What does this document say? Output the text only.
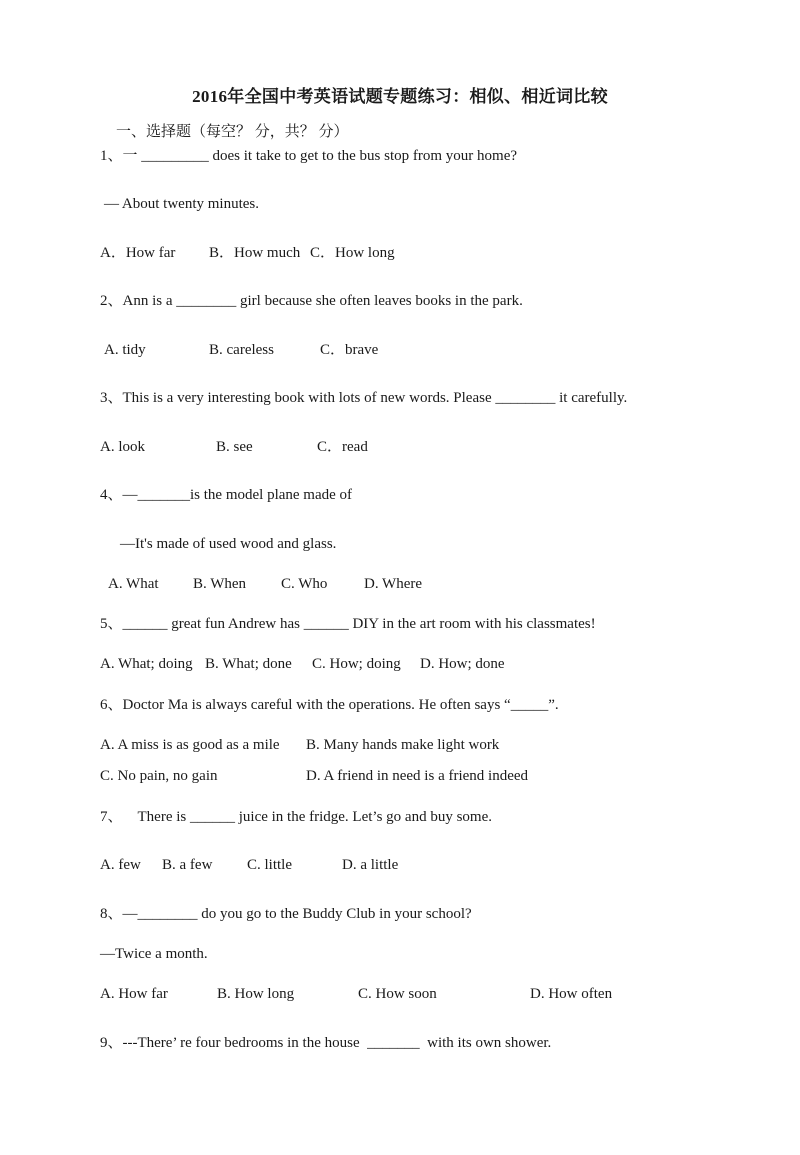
2016年全国中考英语试题专题练习：相似、相近词比较
一、选择题（每空？ 分，共？ 分）
1、一 _________ does it take to get to the bus stop from your home?
— About twenty minutes.
A．How far B．How much C．How long
2、Ann is a ________ girl because she often leaves books in the park.
A. tidy	B. careless	C．brave
3、This is a very interesting book with lots of new words. Please ________ it carefully.
A. look	B. see	C．read
4、—_______is the model plane made of
—It's made of used wood and glass.
A. What B. When C. Who D. Where
5、______ great fun Andrew has ______ DIY in the art room with his classmates!
A. What; doing B. What; done C. How; doing D. How; done
6、Doctor Ma is always careful with the operations. He often says “_____”.
A. A miss is as good as a mile B. Many hands make light work
C. No pain, no gain	D. A friend in need is a friend indeed
7、    There is ______ juice in the fridge. Let’s go and buy some.
A. few B. a few C. little	D. a little
8、—________ do you go to the Buddy Club in your school?
—Twice a month.
A. How far	B. How long	C. How soon	D. How often
9、---There’ re four bedrooms in the house  _______  with its own shower.
